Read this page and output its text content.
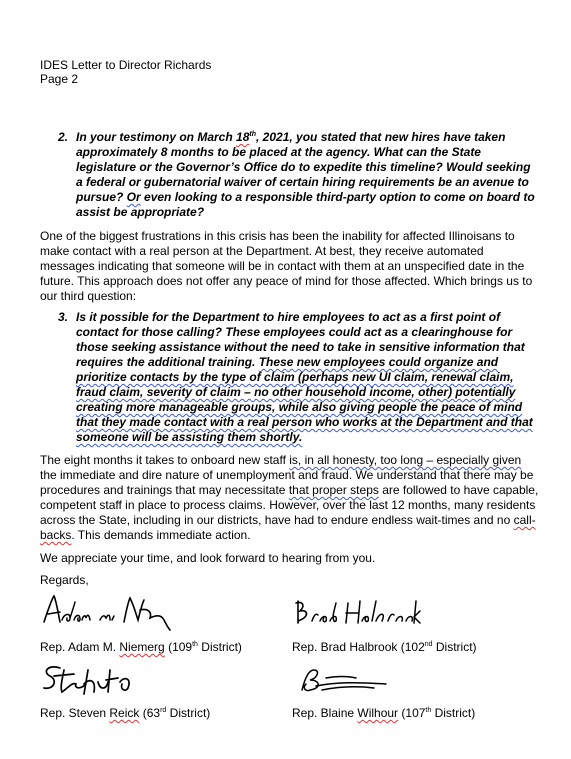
IDES Letter to Director Richards
Page 2
2. In your testimony on March 18th, 2021, you stated that new hires have taken approximately 8 months to be placed at the agency. What can the State legislature or the Governor’s Office do to expedite this timeline? Would seeking a federal or gubernatorial waiver of certain hiring requirements be an avenue to pursue? Or even looking to a responsible third-party option to come on board to assist be appropriate?
One of the biggest frustrations in this crisis has been the inability for affected Illinoisans to make contact with a real person at the Department. At best, they receive automated messages indicating that someone will be in contact with them at an unspecified date in the future. This approach does not offer any peace of mind for those affected. Which brings us to our third question:
3. Is it possible for the Department to hire employees to act as a first point of contact for those calling? These employees could act as a clearinghouse for those seeking assistance without the need to take in sensitive information that requires the additional training. These new employees could organize and prioritize contacts by the type of claim (perhaps new UI claim, renewal claim, fraud claim, severity of claim – no other household income, other) potentially creating more manageable groups, while also giving people the peace of mind that they made contact with a real person who works at the Department and that someone will be assisting them shortly.
The eight months it takes to onboard new staff is, in all honesty, too long – especially given the immediate and dire nature of unemployment and fraud. We understand that there may be procedures and trainings that may necessitate that proper steps are followed to have capable, competent staff in place to process claims. However, over the last 12 months, many residents across the State, including in our districts, have had to endure endless wait-times and no call-backs. This demands immediate action.
We appreciate your time, and look forward to hearing from you.
Regards,
Rep. Adam M. Niemerg (109th District)	Rep. Brad Halbrook (102nd District)
Rep. Steven Reick (63rd District)	Rep. Blaine Wilhour (107th District)
